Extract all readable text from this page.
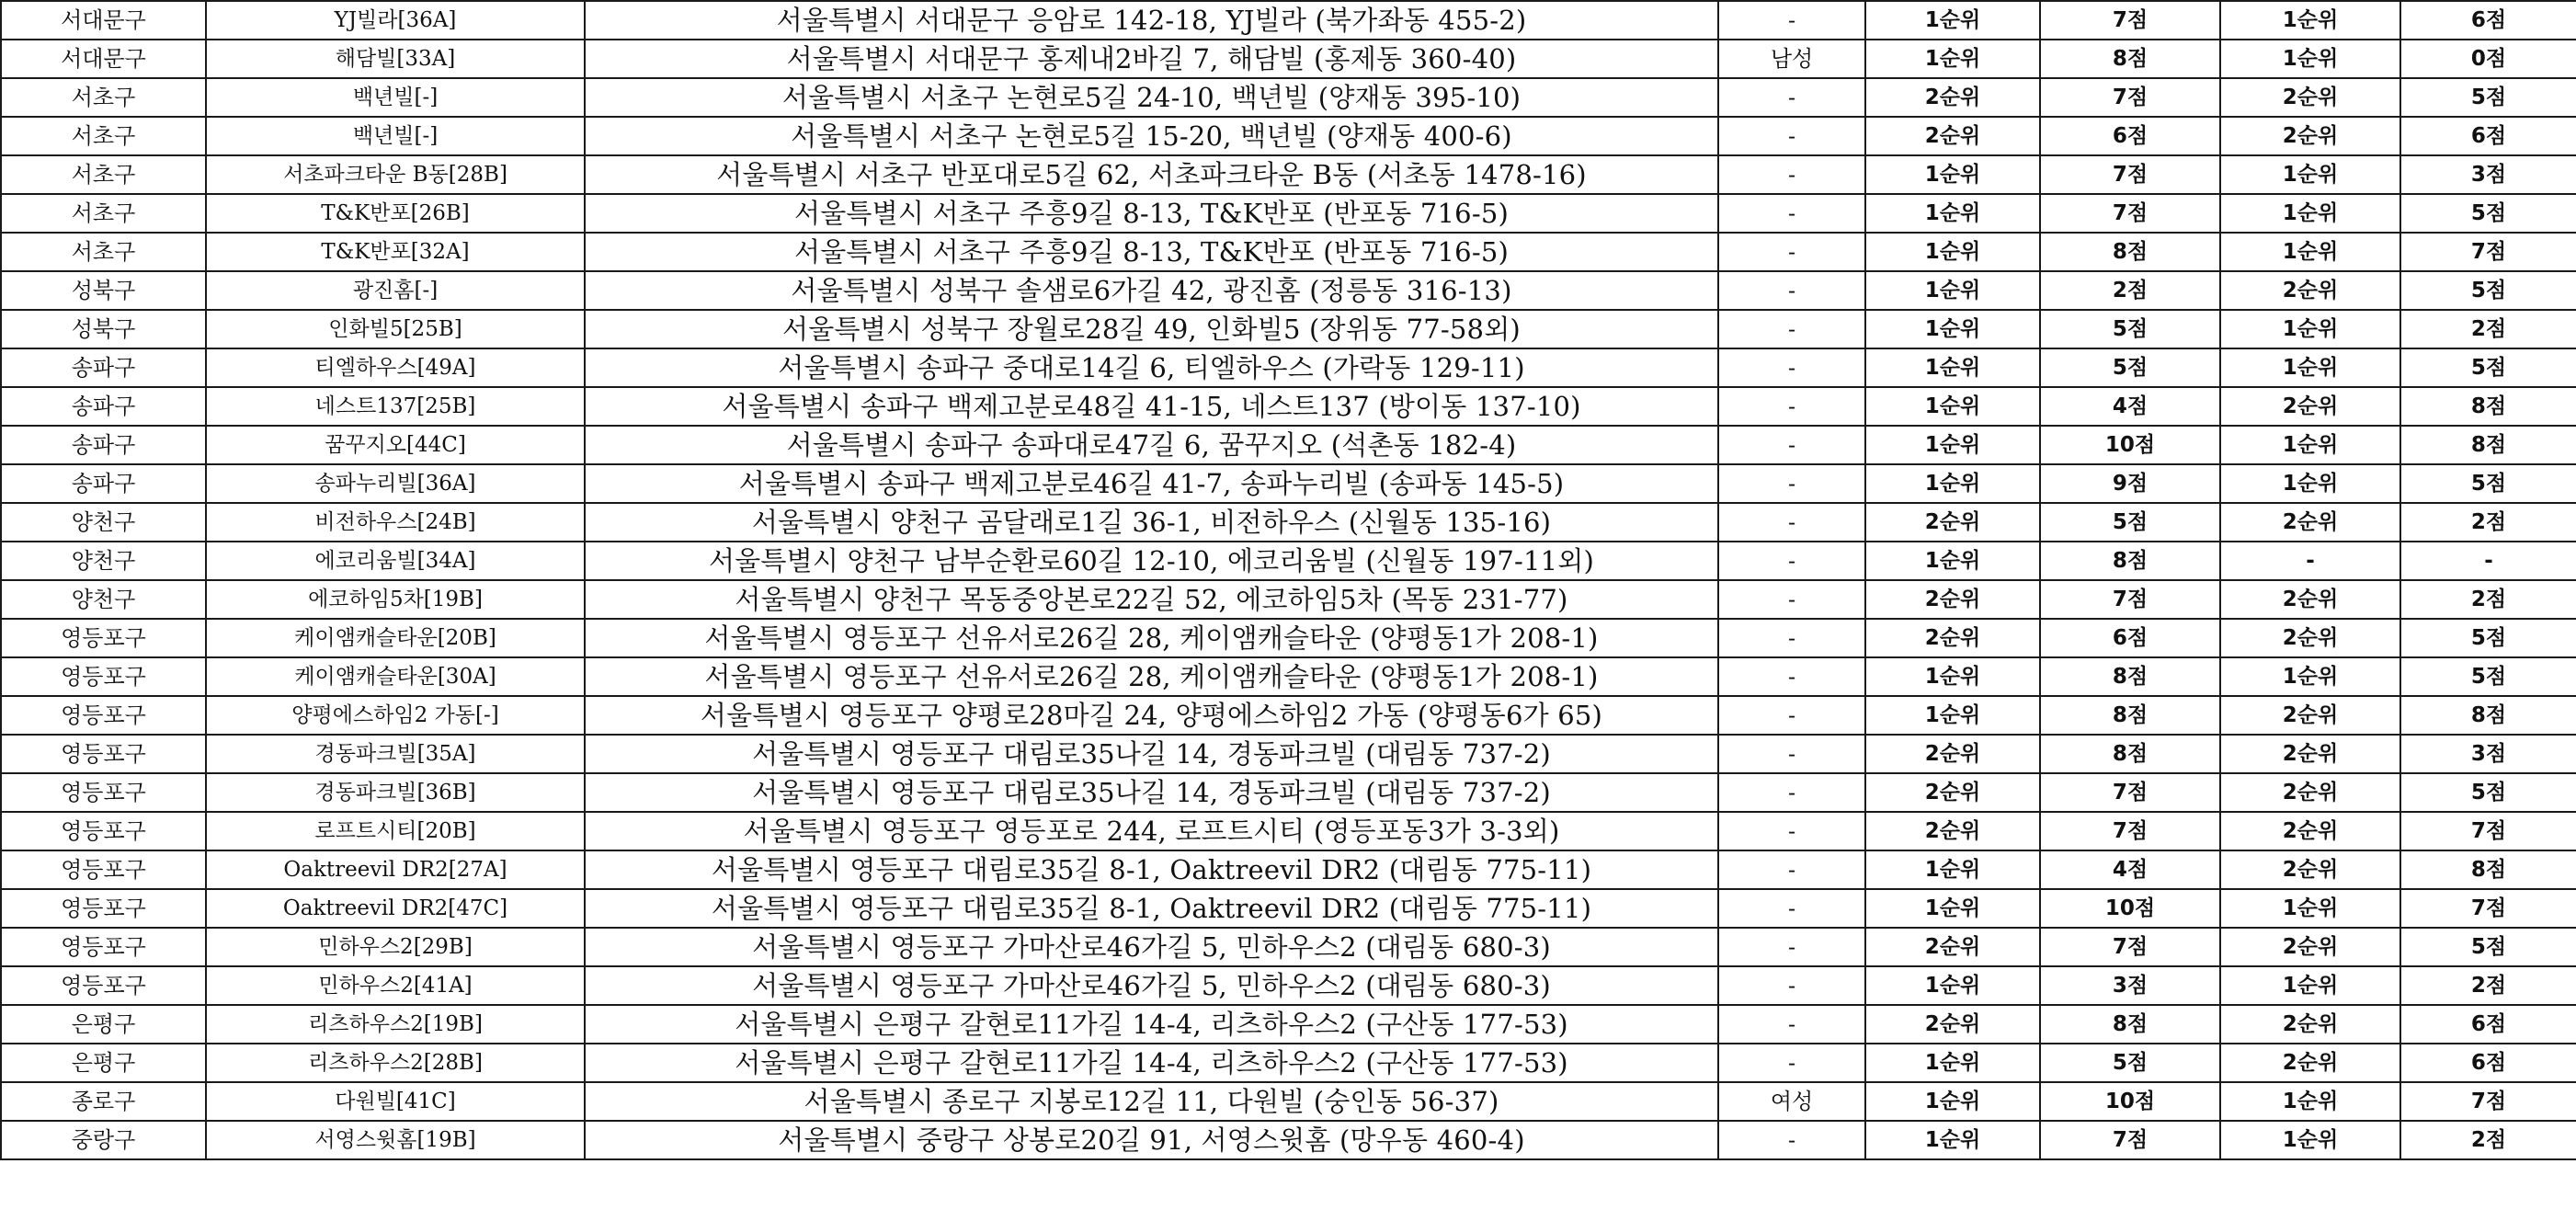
서대문구	YJ빌라[36A]	서울특별시 서대문구 응암로 142-18, YJ빌라 (북가좌동 455-2)	-	1순위	7점	1순위	6점
서대문구	해담빌[33A]	서울특별시 서대문구 홍제내2바길 7, 해담빌 (홍제동 360-40)	남성	1순위	8점	1순위	0점
서초구	백년빌[-]	서울특별시 서초구 논현로5길 24-10, 백년빌 (양재동 395-10)	-	2순위	7점	2순위	5점
서초구	백년빌[-]	서울특별시 서초구 논현로5길 15-20, 백년빌 (양재동 400-6)	-	2순위	6점	2순위	6점
서초구	서초파크타운 B동[28B]	서울특별시 서초구 반포대로5길 62, 서초파크타운 B동 (서초동 1478-16)	-	1순위	7점	1순위	3점
서초구	T&K반포[26B]	서울특별시 서초구 주흥9길 8-13, T&K반포 (반포동 716-5)	-	1순위	7점	1순위	5점
서초구	T&K반포[32A]	서울특별시 서초구 주흥9길 8-13, T&K반포 (반포동 716-5)	-	1순위	8점	1순위	7점
성북구	광진홈[-]	서울특별시 성북구 솔샘로6가길 42, 광진홈 (정릉동 316-13)	-	1순위	2점	2순위	5점
성북구	인화빌5[25B]	서울특별시 성북구 장월로28길 49, 인화빌5 (장위동 77-58외)	-	1순위	5점	1순위	2점
송파구	티엘하우스[49A]	서울특별시 송파구 중대로14길 6, 티엘하우스 (가락동 129-11)	-	1순위	5점	1순위	5점
송파구	네스트137[25B]	서울특별시 송파구 백제고분로48길 41-15, 네스트137 (방이동 137-10)	-	1순위	4점	2순위	8점
송파구	꿈꾸지오[44C]	서울특별시 송파구 송파대로47길 6, 꿈꾸지오 (석촌동 182-4)	-	1순위	10점	1순위	8점
송파구	송파누리빌[36A]	서울특별시 송파구 백제고분로46길 41-7, 송파누리빌 (송파동 145-5)	-	1순위	9점	1순위	5점
양천구	비전하우스[24B]	서울특별시 양천구 곰달래로1길 36-1, 비전하우스 (신월동 135-16)	-	2순위	5점	2순위	2점
양천구	에코리움빌[34A]	서울특별시 양천구 남부순환로60길 12-10, 에코리움빌 (신월동 197-11외)	-	1순위	8점	-	-
양천구	에코하임5차[19B]	서울특별시 양천구 목동중앙본로22길 52, 에코하임5차 (목동 231-77)	-	2순위	7점	2순위	2점
영등포구	케이앰캐슬타운[20B]	서울특별시 영등포구 선유서로26길 28, 케이앰캐슬타운 (양평동1가 208-1)	-	2순위	6점	2순위	5점
영등포구	케이앰캐슬타운[30A]	서울특별시 영등포구 선유서로26길 28, 케이앰캐슬타운 (양평동1가 208-1)	-	1순위	8점	1순위	5점
영등포구	양평에스하임2 가동[-]	서울특별시 영등포구 양평로28마길 24, 양평에스하임2 가동 (양평동6가 65)	-	1순위	8점	2순위	8점
영등포구	경동파크빌[35A]	서울특별시 영등포구 대림로35나길 14, 경동파크빌 (대림동 737-2)	-	2순위	8점	2순위	3점
영등포구	경동파크빌[36B]	서울특별시 영등포구 대림로35나길 14, 경동파크빌 (대림동 737-2)	-	2순위	7점	2순위	5점
영등포구	로프트시티[20B]	서울특별시 영등포구 영등포로 244, 로프트시티 (영등포동3가 3-3외)	-	2순위	7점	2순위	7점
영등포구	Oaktreevil DR2[27A]	서울특별시 영등포구 대림로35길 8-1, Oaktreevil DR2 (대림동 775-11)	-	1순위	4점	2순위	8점
영등포구	Oaktreevil DR2[47C]	서울특별시 영등포구 대림로35길 8-1, Oaktreevil DR2 (대림동 775-11)	-	1순위	10점	1순위	7점
영등포구	민하우스2[29B]	서울특별시 영등포구 가마산로46가길 5, 민하우스2 (대림동 680-3)	-	2순위	7점	2순위	5점
영등포구	민하우스2[41A]	서울특별시 영등포구 가마산로46가길 5, 민하우스2 (대림동 680-3)	-	1순위	3점	1순위	2점
은평구	리츠하우스2[19B]	서울특별시 은평구 갈현로11가길 14-4, 리츠하우스2 (구산동 177-53)	-	2순위	8점	2순위	6점
은평구	리츠하우스2[28B]	서울특별시 은평구 갈현로11가길 14-4, 리츠하우스2 (구산동 177-53)	-	1순위	5점	2순위	6점
종로구	다원빌[41C]	서울특별시 종로구 지봉로12길 11, 다원빌 (숭인동 56-37)	여성	1순위	10점	1순위	7점
중랑구	서영스윗홈[19B]	서울특별시 중랑구 상봉로20길 91, 서영스윗홈 (망우동 460-4)	-	1순위	7점	1순위	2점
